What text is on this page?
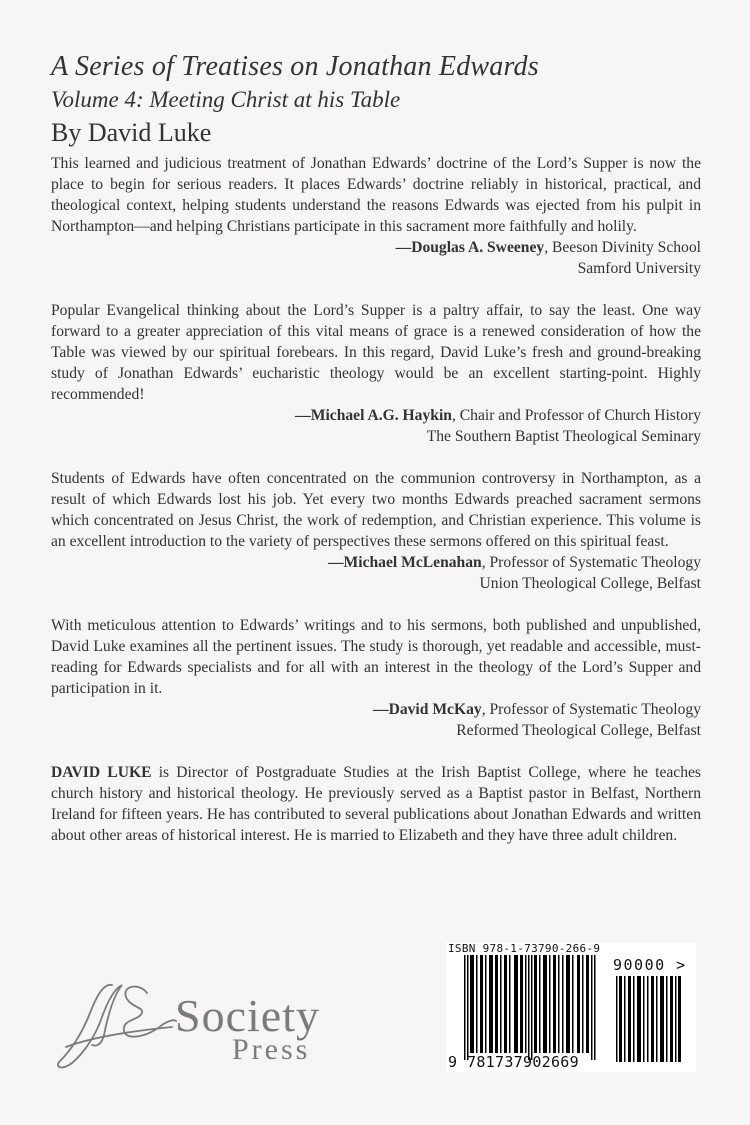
A Series of Treatises on Jonathan Edwards
Volume 4: Meeting Christ at his Table
By David Luke

This learned and judicious treatment of Jonathan Edwards’ doctrine of the Lord’s Supper is now the place to begin for serious readers. It places Edwards’ doctrine reliably in historical, practical, and theological context, helping students understand the reasons Edwards was ejected from his pulpit in Northampton—and helping Christians participate in this sacrament more faithfully and holily.

—Douglas A. Sweeney, Beeson Divinity School
Samford University

Popular Evangelical thinking about the Lord’s Supper is a paltry affair, to say the least. One way forward to a greater appreciation of this vital means of grace is a renewed consideration of how the Table was viewed by our spiritual forebears. In this regard, David Luke’s fresh and ground-breaking study of Jonathan Edwards’ eucharistic theology would be an excellent starting-point. Highly recommended!

—Michael A.G. Haykin, Chair and Professor of Church History
The Southern Baptist Theological Seminary

Students of Edwards have often concentrated on the communion controversy in Northampton, as a result of which Edwards lost his job. Yet every two months Edwards preached sacrament sermons which concentrated on Jesus Christ, the work of redemption, and Christian experience. This volume is an excellent introduction to the variety of perspectives these sermons offered on this spiritual feast.

—Michael McLenahan, Professor of Systematic Theology
Union Theological College, Belfast

With meticulous attention to Edwards’ writings and to his sermons, both published and unpublished, David Luke examines all the pertinent issues. The study is thorough, yet readable and accessible, must-reading for Edwards specialists and for all with an interest in the theology of the Lord’s Supper and participation in it.

—David McKay, Professor of Systematic Theology
Reformed Theological College, Belfast

DAVID LUKE is Director of Postgraduate Studies at the Irish Baptist College, where he teaches church history and historical theology. He previously served as a Baptist pastor in Belfast, Northern Ireland for fifteen years. He has contributed to several publications about Jonathan Edwards and written about other areas of historical interest. He is married to Elizabeth and they have three adult children.

Society
Press
ISBN 978-1-73790-266-9
9 781737902669
90000 >
